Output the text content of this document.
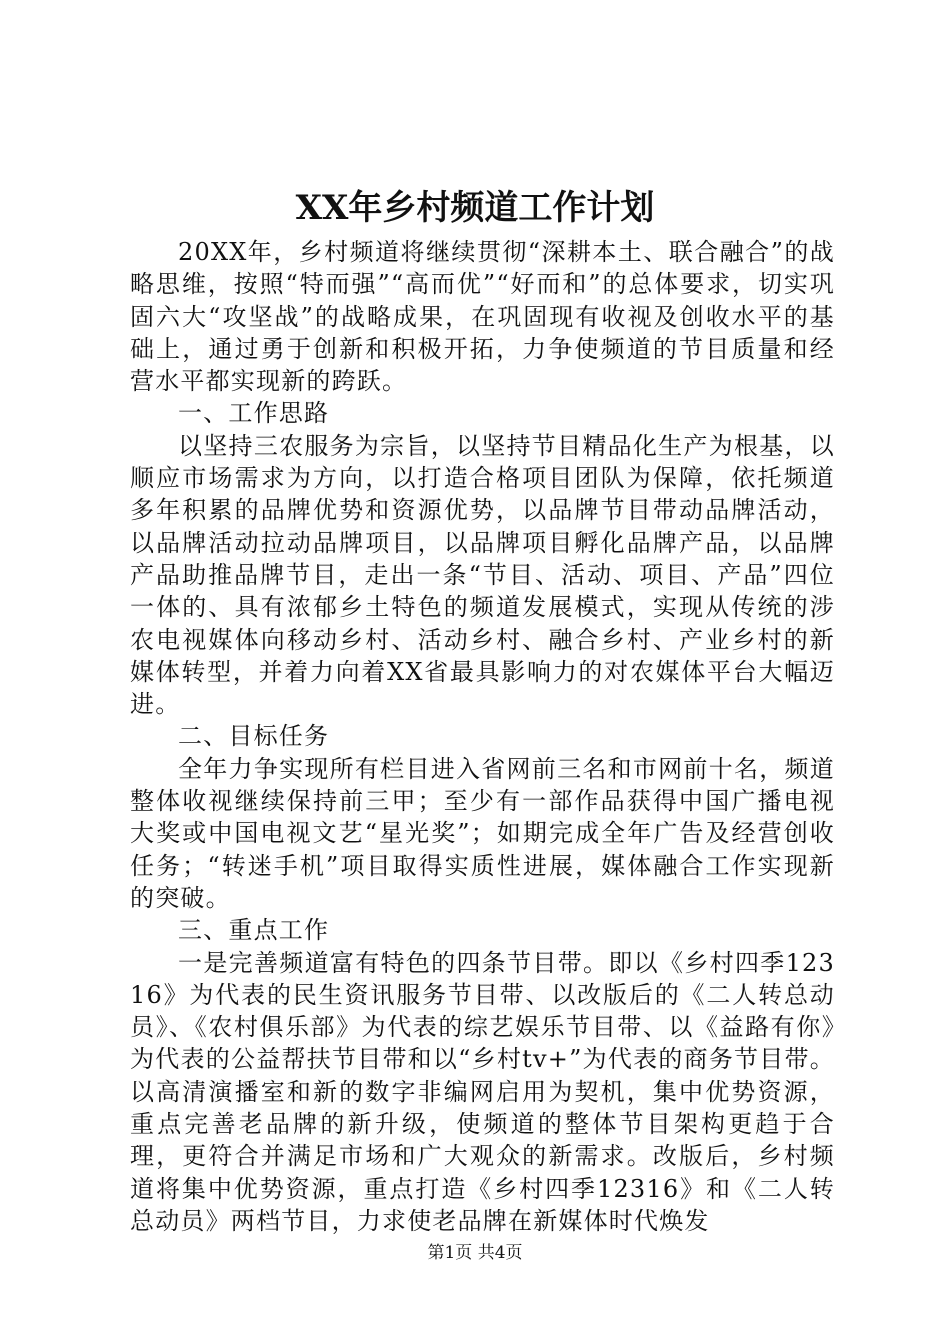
XX年乡村频道工作计划

20XX年，乡村频道将继续贯彻“深耕本土、联合融合”的战略思维，按照“特而强”“高而优”“好而和”的总体要求，切实巩固六大“攻坚战”的战略成果，在巩固现有收视及创收水平的基础上，通过勇于创新和积极开拓，力争使频道的节目质量和经营水平都实现新的跨跃。

一、工作思路

以坚持三农服务为宗旨，以坚持节目精品化生产为根基，以顺应市场需求为方向，以打造合格项目团队为保障，依托频道多年积累的品牌优势和资源优势，以品牌节目带动品牌活动，以品牌活动拉动品牌项目，以品牌项目孵化品牌产品，以品牌产品助推品牌节目，走出一条“节目、活动、项目、产品”四位一体的、具有浓郁乡土特色的频道发展模式，实现从传统的涉农电视媒体向移动乡村、活动乡村、融合乡村、产业乡村的新媒体转型，并着力向着XX省最具影响力的对农媒体平台大幅迈进。

二、目标任务

全年力争实现所有栏目进入省网前三名和市网前十名，频道整体收视继续保持前三甲；至少有一部作品获得中国广播电视大奖或中国电视文艺“星光奖”；如期完成全年广告及经营创收任务；“转迷手机”项目取得实质性进展，媒体融合工作实现新的突破。

三、重点工作

一是完善频道富有特色的四条节目带。即以《乡村四季12316》为代表的民生资讯服务节目带、以改版后的《二人转总动员》、《农村俱乐部》为代表的综艺娱乐节目带、以《益路有你》为代表的公益帮扶节目带和以“乡村tv+”为代表的商务节目带。以高清演播室和新的数字非编网启用为契机，集中优势资源，重点完善老品牌的新升级，使频道的整体节目架构更趋于合理，更符合并满足市场和广大观众的新需求。改版后，乡村频道将集中优势资源，重点打造《乡村四季12316》和《二人转总动员》两档节目，力求使老品牌在新媒体时代焕发

第1页 共4页
